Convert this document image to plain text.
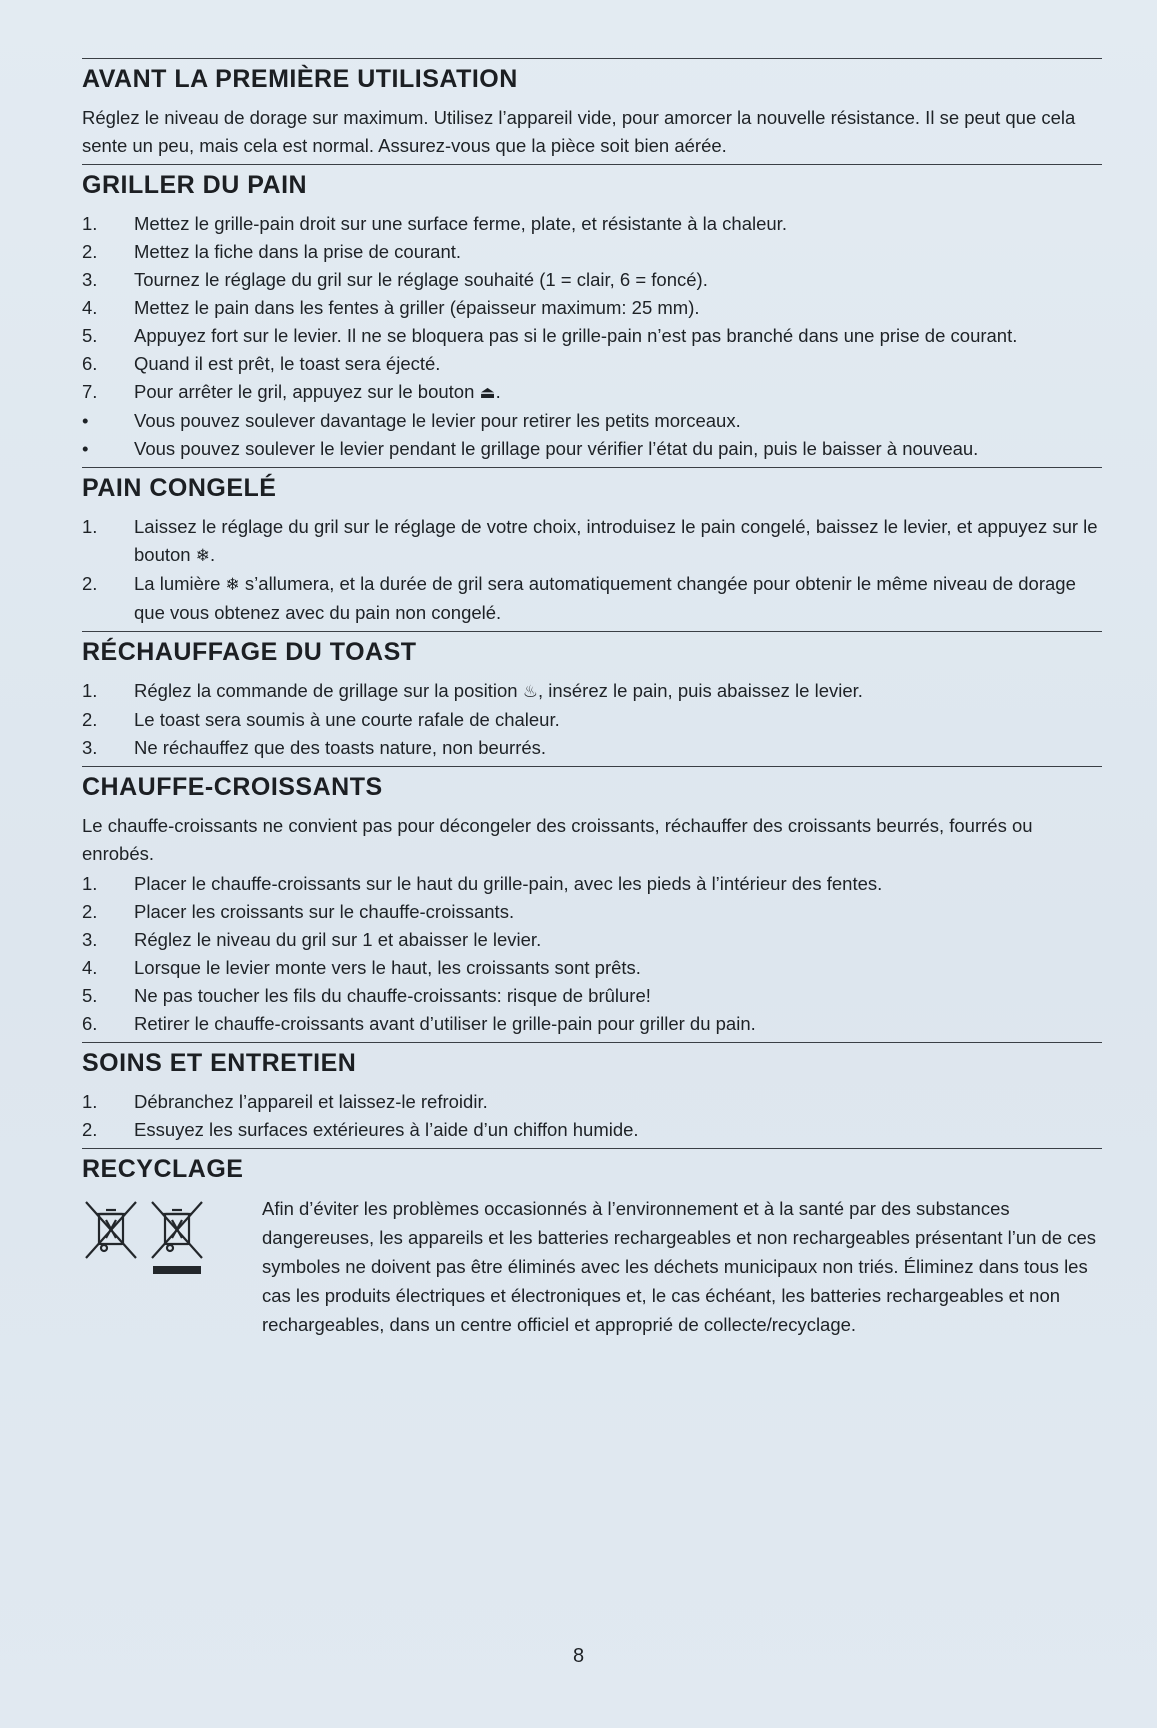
AVANT LA PREMIÈRE UTILISATION

Réglez le niveau de dorage sur maximum. Utilisez l’appareil vide, pour amorcer la nouvelle résistance. Il se peut que cela sente un peu, mais cela est normal. Assurez-vous que la pièce soit bien aérée.

GRILLER DU PAIN
1.	Mettez le grille-pain droit sur une surface ferme, plate, et résistante à la chaleur.
2.	Mettez la fiche dans la prise de courant.
3.	Tournez le réglage du gril sur le réglage souhaité (1 = clair, 6 = foncé).
4.	Mettez le pain dans les fentes à griller (épaisseur maximum: 25 mm).
5.	Appuyez fort sur le levier. Il ne se bloquera pas si le grille-pain n’est pas branché dans une prise de courant.
6.	Quand il est prêt, le toast sera éjecté.
7.	Pour arrêter le gril, appuyez sur le bouton ⏏.
•	Vous pouvez soulever davantage le levier pour retirer les petits morceaux.
•	Vous pouvez soulever le levier pendant le grillage pour vérifier l’état du pain, puis le baisser à nouveau.
PAIN CONGELÉ
1.	Laissez le réglage du gril sur le réglage de votre choix, introduisez le pain congelé, baissez le levier, et appuyez sur le bouton ❄.
2.	La lumière ❄ s’allumera, et la durée de gril sera automatiquement changée pour obtenir le même niveau de dorage que vous obtenez avec du pain non congelé.
RÉCHAUFFAGE DU TOAST
1.	Réglez la commande de grillage sur la position ♨, insérez le pain, puis abaissez le levier.
2.	Le toast sera soumis à une courte rafale de chaleur.
3.	Ne réchauffez que des toasts nature, non beurrés.
CHAUFFE-CROISSANTS

Le chauffe-croissants ne convient pas pour décongeler des croissants, réchauffer des croissants beurrés, fourrés ou enrobés.

1.	Placer le chauffe-croissants sur le haut du grille-pain, avec les pieds à l’intérieur des fentes.
2.	Placer les croissants sur le chauffe-croissants.
3.	Réglez le niveau du gril sur 1 et abaisser le levier.
4.	Lorsque le levier monte vers le haut, les croissants sont prêts.
5.	Ne pas toucher les fils du chauffe-croissants: risque de brûlure!
6.	Retirer le chauffe-croissants avant d’utiliser le grille-pain pour griller du pain.
SOINS ET ENTRETIEN
1.	Débranchez l’appareil et laissez-le refroidir.
2.	Essuyez les surfaces extérieures à l’aide d’un chiffon humide.
RECYCLAGE
Afin d’éviter les problèmes occasionnés à l’environnement et à la santé par des substances dangereuses, les appareils et les batteries rechargeables et non rechargeables présentant l’un de ces symboles ne doivent pas être éliminés avec les déchets municipaux non triés. Éliminez dans tous les cas les produits électriques et électroniques et, le cas échéant, les batteries rechargeables et non rechargeables, dans un centre officiel et approprié de collecte/recyclage.
8
